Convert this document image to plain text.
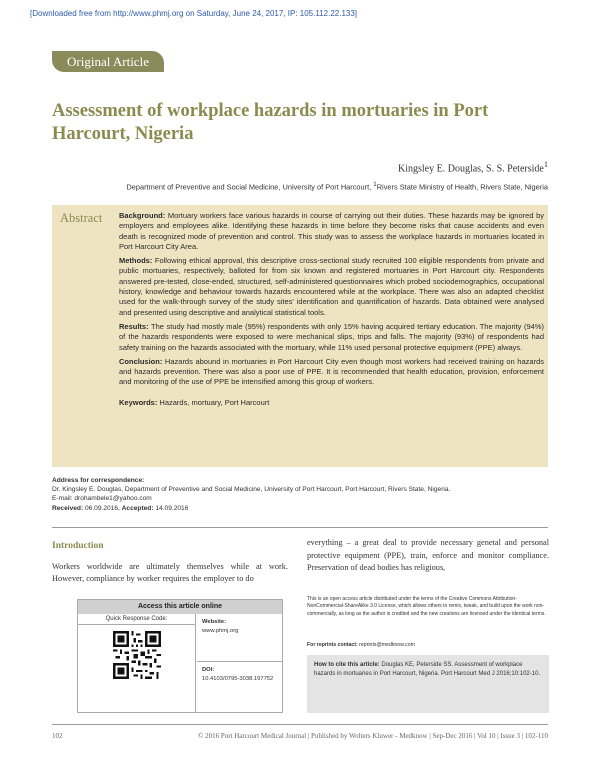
[Downloaded free from http://www.phmj.org on Saturday, June 24, 2017, IP: 105.112.22.133]
Original Article
Assessment of workplace hazards in mortuaries in Port Harcourt, Nigeria
Kingsley E. Douglas, S. S. Peterside$^1$
Department of Preventive and Social Medicine, University of Port Harcourt, $^1$Rivers State Ministry of Health, Rivers State, Nigeria
Abstract Background: Mortuary workers face various hazards in course of carrying out their duties. These hazards may be ignored by employers and employees alike. Identifying these hazards in time before they become risks that cause accidents and even death is recognized mode of prevention and control. This study was to assess the workplace hazards in mortuaries located in Port Harcourt City Area.

Methods: Following ethical approval, this descriptive cross-sectional study recruited 100 eligible respondents from private and public mortuaries, respectively, balloted for from six known and registered mortuaries in Port Harcourt city. Respondents answered pre-tested, close-ended, structured, self-administered questionnaires which probed sociodemographics, occupational history, knowledge and behaviour towards hazards encountered while at the workplace. There was also an adapted checklist used for the walk-through survey of the study sites' identification and quantification of hazards. Data obtained were analysed and presented using descriptive and analytical statistical tools.

Results: The study had mostly male (95%) respondents with only 15% having acquired tertiary education. The majority (94%) of the hazards respondents were exposed to were mechanical slips, trips and falls. The majority (93%) of respondents had safety training on the hazards associated with the mortuary, while 11% used personal protective equipment (PPE) always.

Conclusion: Hazards abound in mortuaries in Port Harcourt City even though most workers had received training on hazards and hazards prevention. There was also a poor use of PPE. It is recommended that health education, provision, enforcement and monitoring of the use of PPE be intensified among this group of workers.

Keywords: Hazards, mortuary, Port Harcourt

Address for correspondence:
Dr. Kingsley E. Douglas, Department of Preventive and Social Medicine, University of Port Harcourt, Port Harcourt, Rivers State, Nigeria.
E-mail: drohambele1@yahoo.com
Received: 06.09.2016, Accepted: 14.09.2016
Introduction
Workers worldwide are ultimately themselves while at work. However, compliance by worker requires the employer to do
everything – a great deal to provide necessary genetal and personal protective equipment (PPE), train, enforce and monitor compliance. Preservation of dead bodies has religious,
Access this article online
Quick Response Code:	Website:
www.phmj.org
DOI:
10.4103/0795-3038.197752
This is an open access article distributed under the terms of the Creative Commons Attribution-NonCommercial-ShareAlike 3.0 License, which allows others to remix, tweak, and build upon the work non-commercially, as long as the author is credited and the new creations are licensed under the identical terms.
For reprints contact: reprints@medknow.com
How to cite this article: Douglas KE, Peterside SS. Assessment of workplace hazards in mortuaries in Port Harcourt, Nigeria. Port Harcourt Med J 2016;10:102-10.
102	© 2016 Port Harcourt Medical Journal | Published by Wolters Kluwer - Medknow | Sep-Dec 2016 | Vol 10 | Issue 3 | 102-110
